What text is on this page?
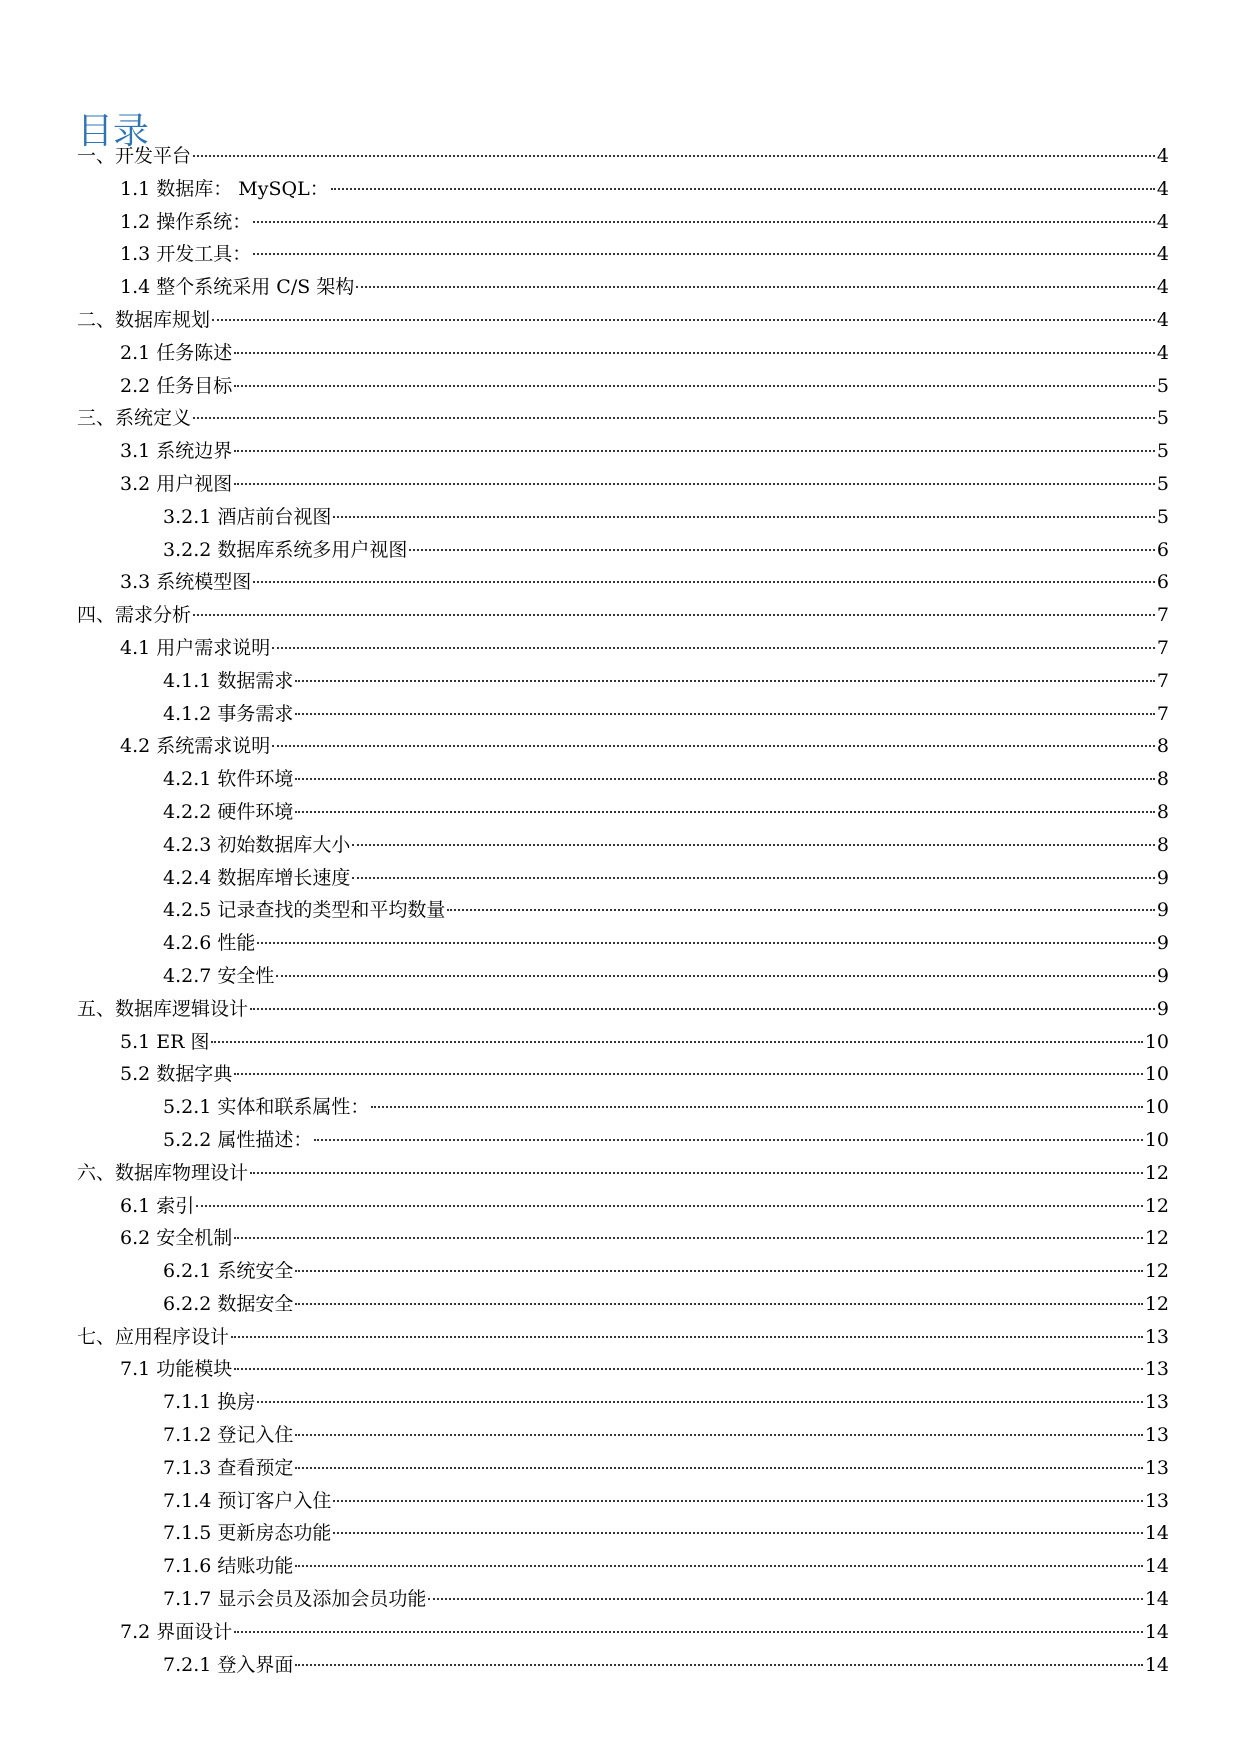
目录
一、开发平台	4
1.1 数据库： MySQL：	4
1.2 操作系统：	4
1.3 开发工具：	4
1.4 整个系统采用 C/S 架构	4
二、数据库规划	4
2.1 任务陈述	4
2.2 任务目标	5
三、系统定义	5
3.1 系统边界	5
3.2 用户视图	5
3.2.1 酒店前台视图	5
3.2.2 数据库系统多用户视图	6
3.3 系统模型图	6
四、需求分析	7
4.1 用户需求说明	7
4.1.1 数据需求	7
4.1.2 事务需求	7
4.2 系统需求说明	8
4.2.1 软件环境	8
4.2.2 硬件环境	8
4.2.3 初始数据库大小	8
4.2.4 数据库增长速度	9
4.2.5 记录查找的类型和平均数量	9
4.2.6 性能	9
4.2.7 安全性	9
五、数据库逻辑设计	9
5.1 ER 图	10
5.2 数据字典	10
5.2.1 实体和联系属性：	10
5.2.2 属性描述：	10
六、数据库物理设计	12
6.1 索引	12
6.2 安全机制	12
6.2.1 系统安全	12
6.2.2 数据安全	12
七、应用程序设计	13
7.1 功能模块	13
7.1.1 换房	13
7.1.2 登记入住	13
7.1.3 查看预定	13
7.1.4 预订客户入住	13
7.1.5 更新房态功能	14
7.1.6 结账功能	14
7.1.7 显示会员及添加会员功能	14
7.2 界面设计	14
7.2.1 登入界面	14
